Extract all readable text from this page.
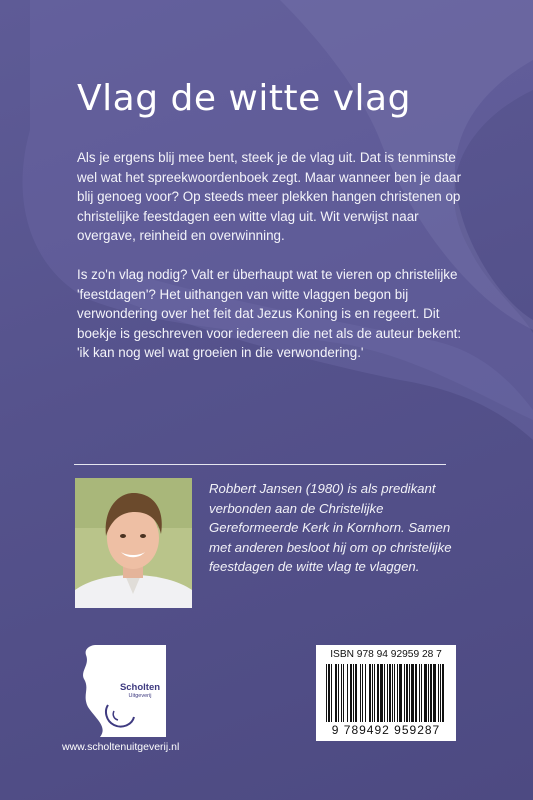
Vlag de witte vlag

Als je ergens blij mee bent, steek je de vlag uit. Dat is tenminste wel wat het spreekwoordenboek zegt. Maar wanneer ben je daar blij genoeg voor? Op steeds meer plekken hangen christenen op christelijke feestdagen een witte vlag uit. Wit verwijst naar overgave, reinheid en overwinning.

Is zo'n vlag nodig? Valt er überhaupt wat te vieren op christelijke 'feestdagen'? Het uithangen van witte vlaggen begon bij verwondering over het feit dat Jezus Koning is en regeert. Dit boekje is geschreven voor iedereen die net als de auteur bekent: 'ik kan nog wel wat groeien in die verwondering.'

Robbert Jansen (1980) is als predikant verbonden aan de Christelijke Gereformeerde Kerk in Kornhorn. Samen met anderen besloot hij om op christelijke feestdagen de witte vlag te vlaggen.
Scholten
Uitgeverij
www.scholtenuitgeverij.nl
ISBN 978 94 92959 28 7
9 789492 959287
